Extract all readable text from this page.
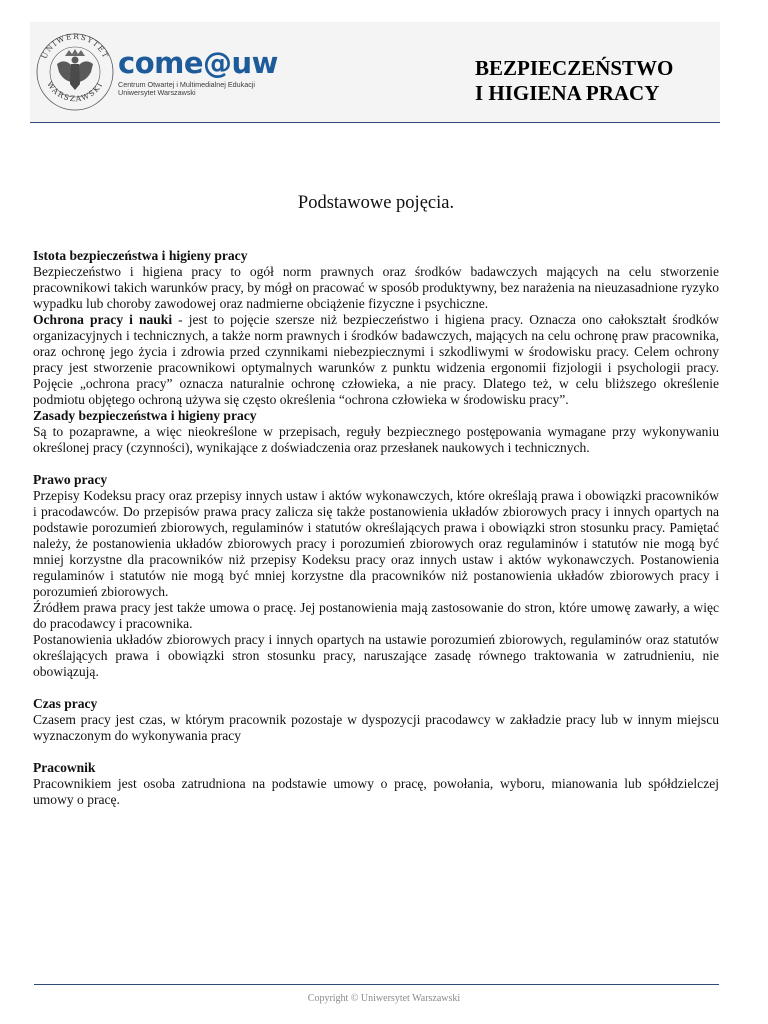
UNIWERSYTET
WARSZAWSKI
come@uw
Centrum Otwartej i Multimedialnej Edukacji
Uniwersytet Warszawski
BEZPIECZEŃSTWO
I HIGIENA PRACY
Podstawowe pojęcia.
Istota bezpieczeństwa i higieny pracy

Bezpieczeństwo i higiena pracy to ogół norm prawnych oraz środków badawczych mających na celu stworzenie pracownikowi takich warunków pracy, by mógł on pracować w sposób produktywny, bez narażenia na nieuzasadnione ryzyko wypadku lub choroby zawodowej oraz nadmierne obciążenie fizyczne i psychiczne.

Ochrona pracy i nauki - jest to pojęcie szersze niż bezpieczeństwo i higiena pracy. Oznacza ono całokształt środków organizacyjnych i technicznych, a także norm prawnych i środków badawczych, mających na celu ochronę praw pracownika, oraz ochronę jego życia i zdrowia przed czynnikami niebezpiecznymi i szkodliwymi w środowisku pracy. Celem ochrony pracy jest stworzenie pracownikowi optymalnych warunków z punktu widzenia ergonomii fizjologii i psychologii pracy. Pojęcie „ochrona pracy” oznacza naturalnie ochronę człowieka, a nie pracy. Dlatego też, w celu bliższego określenie podmiotu objętego ochroną używa się często określenia “ochrona człowieka w środowisku pracy”.

Zasady bezpieczeństwa i higieny pracy

Są to pozaprawne, a więc nieokreślone w przepisach, reguły bezpiecznego postępowania wymagane przy wykonywaniu określonej pracy (czynności), wynikające z doświadczenia oraz przesłanek naukowych i technicznych.

Prawo pracy

Przepisy Kodeksu pracy oraz przepisy innych ustaw i aktów wykonawczych, które określają prawa i obowiązki pracowników i pracodawców. Do przepisów prawa pracy zalicza się także postanowienia układów zbiorowych pracy i innych opartych na podstawie porozumień zbiorowych, regulaminów i statutów określających prawa i obowiązki stron stosunku pracy. Pamiętać należy, że postanowienia układów zbiorowych pracy i porozumień zbiorowych oraz regulaminów i statutów nie mogą być mniej korzystne dla pracowników niż przepisy Kodeksu pracy oraz innych ustaw i aktów wykonawczych. Postanowienia regulaminów i statutów nie mogą być mniej korzystne dla pracowników niż postanowienia układów zbiorowych pracy i porozumień zbiorowych.

Źródłem prawa pracy jest także umowa o pracę. Jej postanowienia mają zastosowanie do stron, które umowę zawarły, a więc do pracodawcy i pracownika.

Postanowienia układów zbiorowych pracy i innych opartych na ustawie porozumień zbiorowych, regulaminów oraz statutów określających prawa i obowiązki stron stosunku pracy, naruszające zasadę równego traktowania w zatrudnieniu, nie obowiązują.

Czas pracy

Czasem pracy jest czas, w którym pracownik pozostaje w dyspozycji pracodawcy w zakładzie pracy lub w innym miejscu wyznaczonym do wykonywania pracy

Pracownik

Pracownikiem jest osoba zatrudniona na podstawie umowy o pracę, powołania, wyboru, mianowania lub spółdzielczej umowy o pracę.

Copyright © Uniwersytet Warszawski
